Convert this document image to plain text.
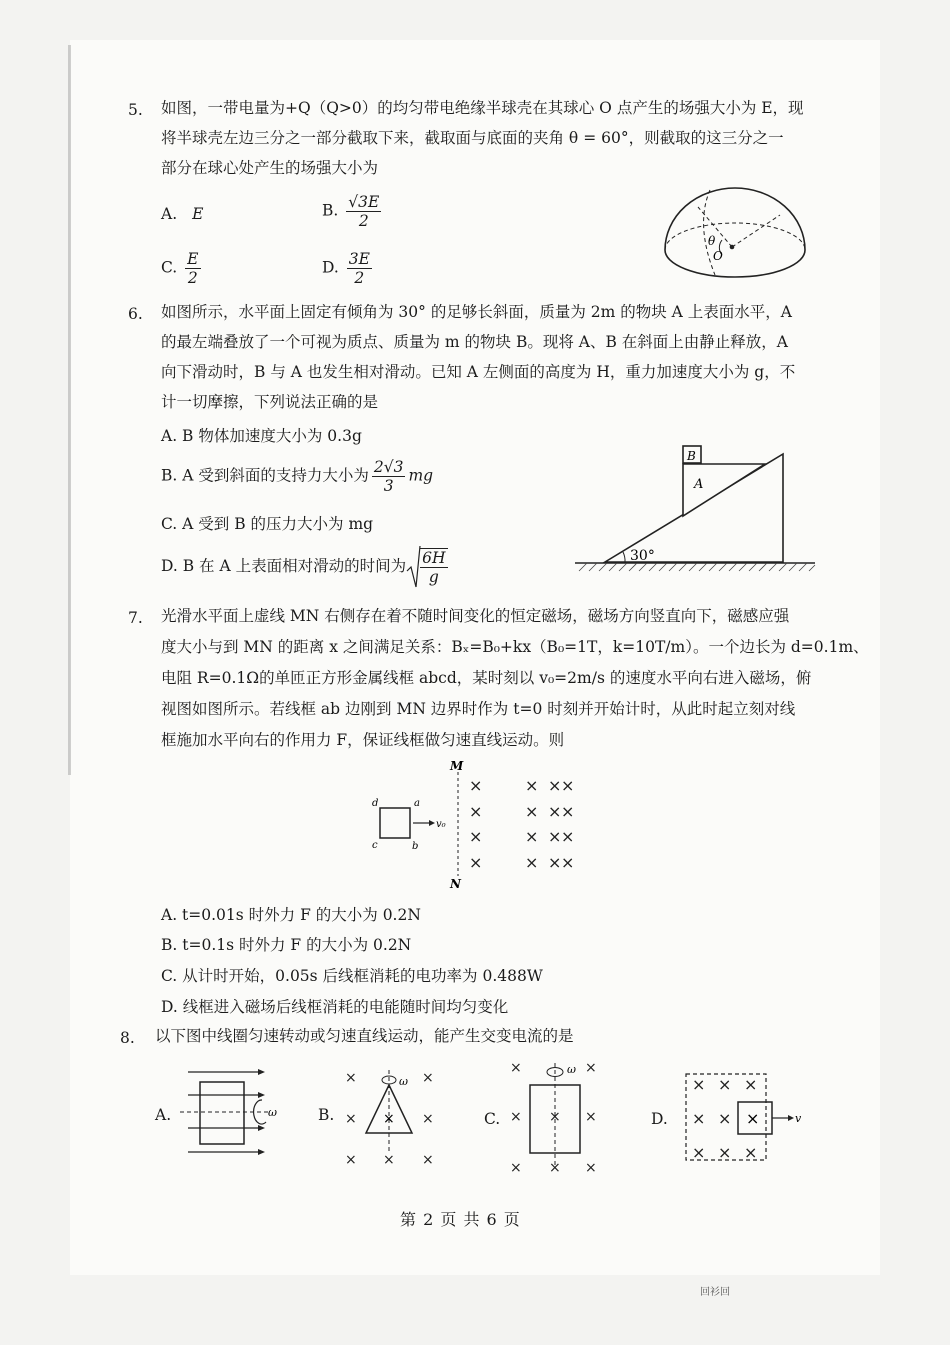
5. 如图，一带电量为+Q（Q>0）的均匀带电绝缘半球壳在其球心 O 点产生的场强大小为 E，现
将半球壳左边三分之一部分截取下来，截取面与底面的夹角 θ = 60°，则截取的这三分之一
部分在球心处产生的场强大小为
A. E	B. $\frac{√3E}{2}$
C. $\frac{E}{2}$	D. $\frac{3E}{2}$
θ
O
6. 如图所示，水平面上固定有倾角为 30° 的足够长斜面，质量为 2m 的物块 A 上表面水平，A
的最左端叠放了一个可视为质点、质量为 m 的物块 B。现将 A、B 在斜面上由静止释放，A
向下滑动时，B 与 A 也发生相对滑动。已知 A 左侧面的高度为 H，重力加速度大小为 g，不
计一切摩擦，下列说法正确的是
A. B 物体加速度大小为 0.3g
B. A 受到斜面的支持力大小为 $\frac{2√3}{3}$ mg
C. A 受到 B 的压力大小为 mg
D. B 在 A 上表面相对滑动的时间为 $\frac{6H}{g}$
B
A
30°
7. 光滑水平面上虚线 MN 右侧存在着不随时间变化的恒定磁场，磁场方向竖直向下，磁感应强
度大小与到 MN 的距离 x 之间满足关系：Bₓ=B₀+kx（B₀=1T，k=10T/m）。一个边长为 d=0.1m、
电阻 R=0.1Ω的单匝正方形金属线框 abcd，某时刻以 v₀=2m/s 的速度水平向右进入磁场，俯
视图如图所示。若线框 ab 边刚到 MN 边界时作为 t=0 时刻并开始计时，从此时起立刻对线
框施加水平向右的作用力 F，保证线框做匀速直线运动。则
M
N
d	a
c	b
v₀
×	× × ×
×	× × ×
×	× × ×
×	× × ×
A. t=0.01s 时外力 F 的大小为 0.2N
B. t=0.1s 时外力 F 的大小为 0.2N
C. 从计时开始，0.05s 后线框消耗的电功率为 0.488W
D. 线框进入磁场后线框消耗的电能随时间均匀变化
8. 以下图中线圈匀速转动或匀速直线运动，能产生交变电流的是
A.	ω	B.
×	×
×	×
× × ×
ω
×	C.
×	×
× × ×
× × ×
ω
D.
× × ×
× ×
× × ×
×	v
第 2 页 共 6 页
回衫回
